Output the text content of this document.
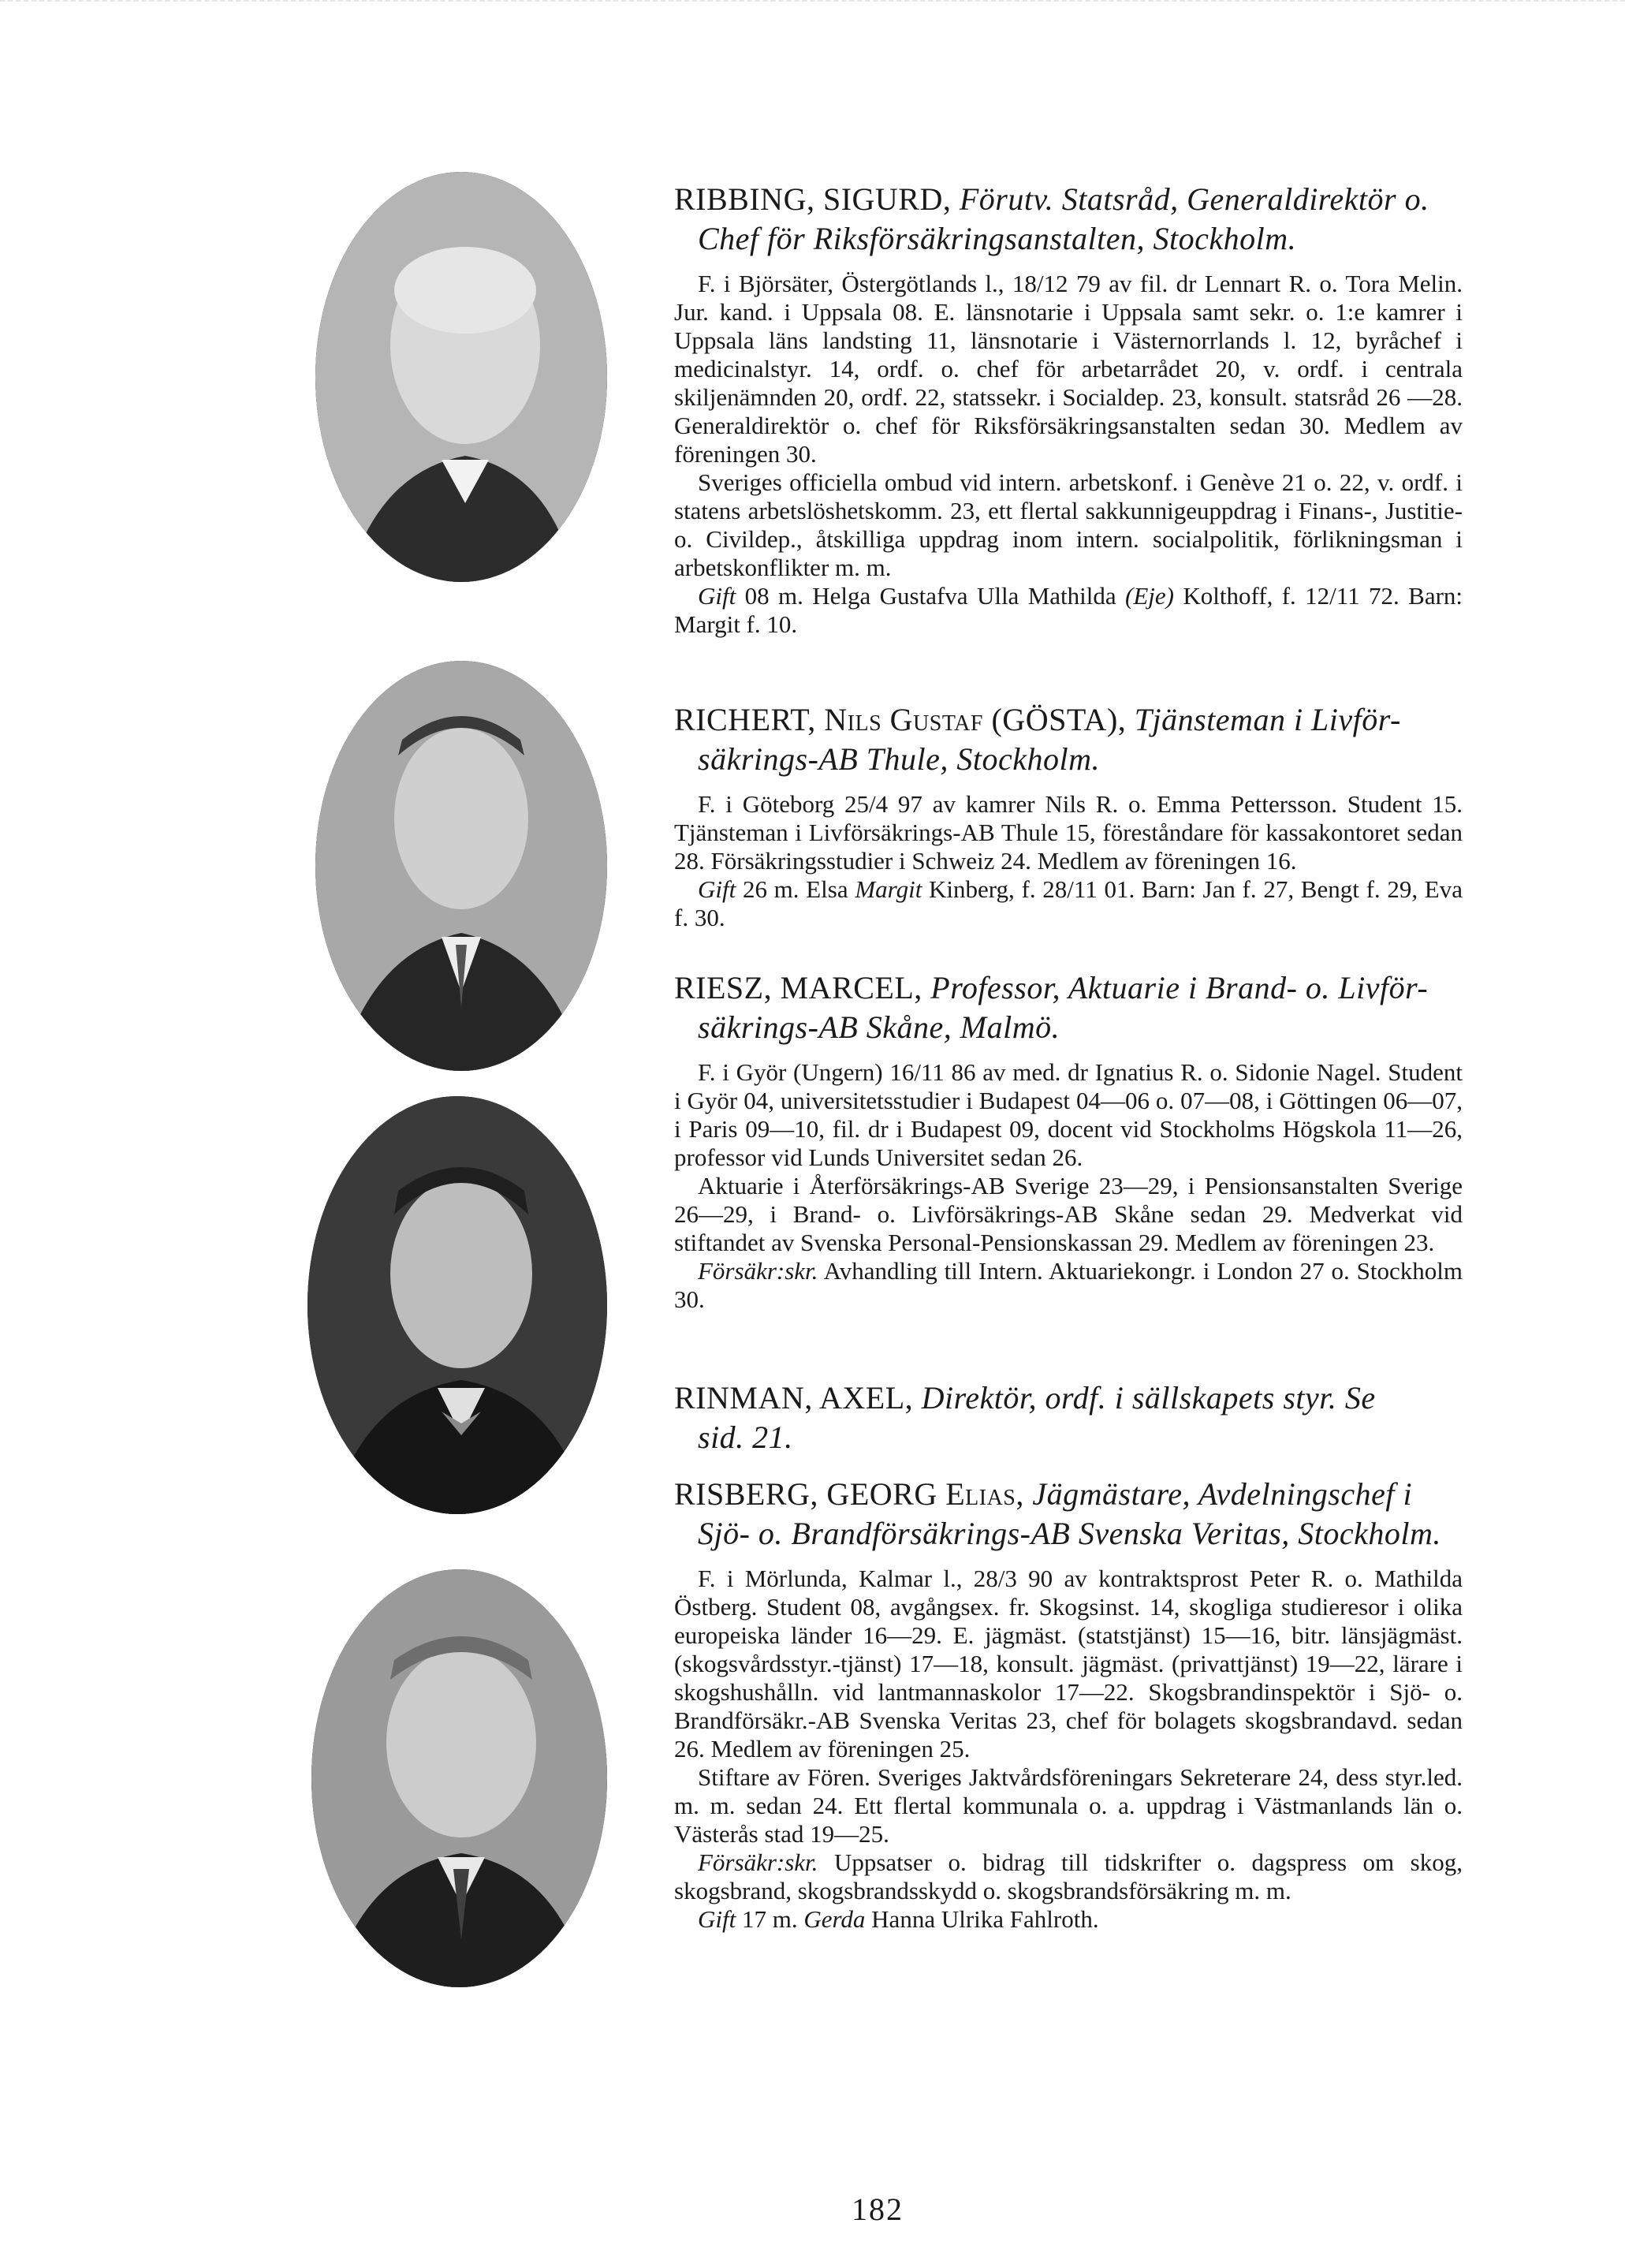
RIBBING, SIGURD, Förutv. Statsråd, Generaldirektör o.
Chef för Riksförsäkringsanstalten, Stockholm.

F. i Björsäter, Östergötlands l., 18/12 79 av fil. dr Lennart R. o. Tora Melin. Jur. kand. i Uppsala 08. E. länsnotarie i Uppsala samt sekr. o. 1:e kamrer i Uppsala läns landsting 11, länsnotarie i Västernorrlands l. 12, byråchef i medicinalstyr. 14, ordf. o. chef för arbetarrådet 20, v. ordf. i centrala skiljenämnden 20, ordf. 22, statssekr. i Socialdep. 23, konsult. statsråd 26 —28. Generaldirektör o. chef för Riksförsäkringsanstalten sedan 30. Medlem av föreningen 30.

Sveriges officiella ombud vid intern. arbetskonf. i Genève 21 o. 22, v. ordf. i statens arbetslöshetskomm. 23, ett flertal sakkunnigeuppdrag i Finans-, Justitie- o. Civildep., åtskilliga uppdrag inom intern. socialpolitik, förlikningsman i arbetskonflikter m. m.

Gift 08 m. Helga Gustafva Ulla Mathilda (Eje) Kolthoff, f. 12/11 72. Barn: Margit f. 10.

RICHERT, Nils Gustaf (GÖSTA), Tjänsteman i Livför-
säkrings-AB Thule, Stockholm.

F. i Göteborg 25/4 97 av kamrer Nils R. o. Emma Pettersson. Student 15. Tjänsteman i Livförsäkrings-AB Thule 15, föreståndare för kassakontoret sedan 28. Försäkringsstudier i Schweiz 24. Medlem av föreningen 16.

Gift 26 m. Elsa Margit Kinberg, f. 28/11 01. Barn: Jan f. 27, Bengt f. 29, Eva f. 30.

RIESZ, MARCEL, Professor, Aktuarie i Brand- o. Livför-
säkrings-AB Skåne, Malmö.

F. i Györ (Ungern) 16/11 86 av med. dr Ignatius R. o. Sidonie Nagel. Student i Györ 04, universitetsstudier i Budapest 04—06 o. 07—08, i Göttingen 06—07, i Paris 09—10, fil. dr i Budapest 09, docent vid Stockholms Högskola 11—26, professor vid Lunds Universitet sedan 26.

Aktuarie i Återförsäkrings-AB Sverige 23—29, i Pensionsanstalten Sverige 26—29, i Brand- o. Livförsäkrings-AB Skåne sedan 29. Medverkat vid stiftandet av Svenska Personal-Pensionskassan 29. Medlem av föreningen 23.

Försäkr:skr. Avhandling till Intern. Aktuariekongr. i London 27 o. Stockholm 30.

RINMAN, AXEL, Direktör, ordf. i sällskapets styr. Se
sid. 21.
RISBERG, GEORG Elias, Jägmästare, Avdelningschef i
Sjö- o. Brandförsäkrings-AB Svenska Veritas, Stockholm.

F. i Mörlunda, Kalmar l., 28/3 90 av kontraktsprost Peter R. o. Mathilda Östberg. Student 08, avgångsex. fr. Skogsinst. 14, skogliga studieresor i olika europeiska länder 16—29. E. jägmäst. (statstjänst) 15—16, bitr. länsjägmäst. (skogsvårdsstyr.-tjänst) 17—18, konsult. jägmäst. (privattjänst) 19—22, lärare i skogshushålln. vid lantmannaskolor 17—22. Skogsbrandinspektör i Sjö- o. Brandförsäkr.-AB Svenska Veritas 23, chef för bolagets skogsbrandavd. sedan 26. Medlem av föreningen 25.

Stiftare av Fören. Sveriges Jaktvårdsföreningars Sekreterare 24, dess styr.led. m. m. sedan 24. Ett flertal kommunala o. a. uppdrag i Västmanlands län o. Västerås stad 19—25.

Försäkr:skr. Uppsatser o. bidrag till tidskrifter o. dagspress om skog, skogsbrand, skogsbrandsskydd o. skogsbrandsförsäkring m. m.

Gift 17 m. Gerda Hanna Ulrika Fahlroth.

182
